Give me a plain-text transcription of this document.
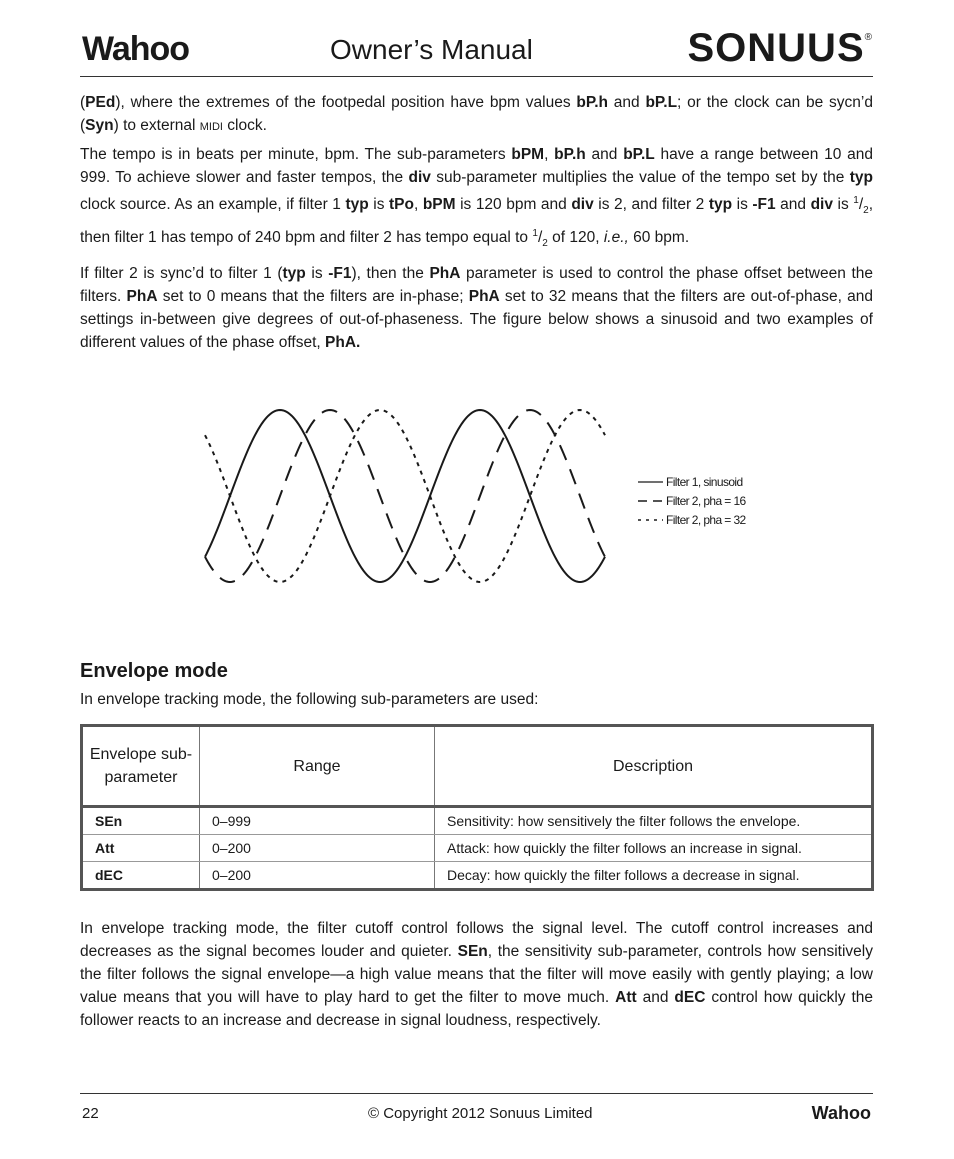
Wahoo	Owner’s Manual	SONUUS®

(PEd), where the extremes of the footpedal position have bpm values bP.h and bP.L; or the clock can be sycn’d (Syn) to external MIDI clock.

The tempo is in beats per minute, bpm. The sub-parameters bPM, bP.h and bP.L have a range between 10 and 999. To achieve slower and faster tempos, the div sub-parameter multiplies the value of the tempo set by the typ clock source. As an example, if filter 1 typ is tPo, bPM is 120 bpm and div is 2, and filter 2 typ is -F1 and div is $^1/_2$, then filter 1 has tempo of 240 bpm and filter 2 has tempo equal to $^1/_2$ of 120, i.e., 60 bpm.

If filter 2 is sync’d to filter 1 (typ is -F1), then the PhA parameter is used to control the phase offset between the filters. PhA set to 0 means that the filters are in-phase; PhA set to 32 means that the filters are out-of-phase, and settings in-between give degrees of out-of-phaseness. The figure below shows a sinusoid and two examples of different values of the phase offset, PhA.

Filter 1, sinusoid
Filter 2, pha = 16
Filter 2, pha = 32
Envelope mode

In envelope tracking mode, the following sub-parameters are used:

Envelope sub-parameter	Range	Description
SEn	0–999	Sensitivity: how sensitively the filter follows the envelope.
Att	0–200	Attack: how quickly the filter follows an increase in signal.
dEC	0–200	Decay: how quickly the filter follows a decrease in signal.

In envelope tracking mode, the filter cutoff control follows the signal level. The cutoff control increases and decreases as the signal becomes louder and quieter. SEn, the sensitivity sub-parameter, controls how sensitively the filter follows the signal envelope—a high value means that the filter will move easily with gently playing; a low value means that you will have to play hard to get the filter to move much. Att and dEC control how quickly the follower reacts to an increase and decrease in signal loudness, respectively.

22	© Copyright 2012 Sonuus Limited	Wahoo
